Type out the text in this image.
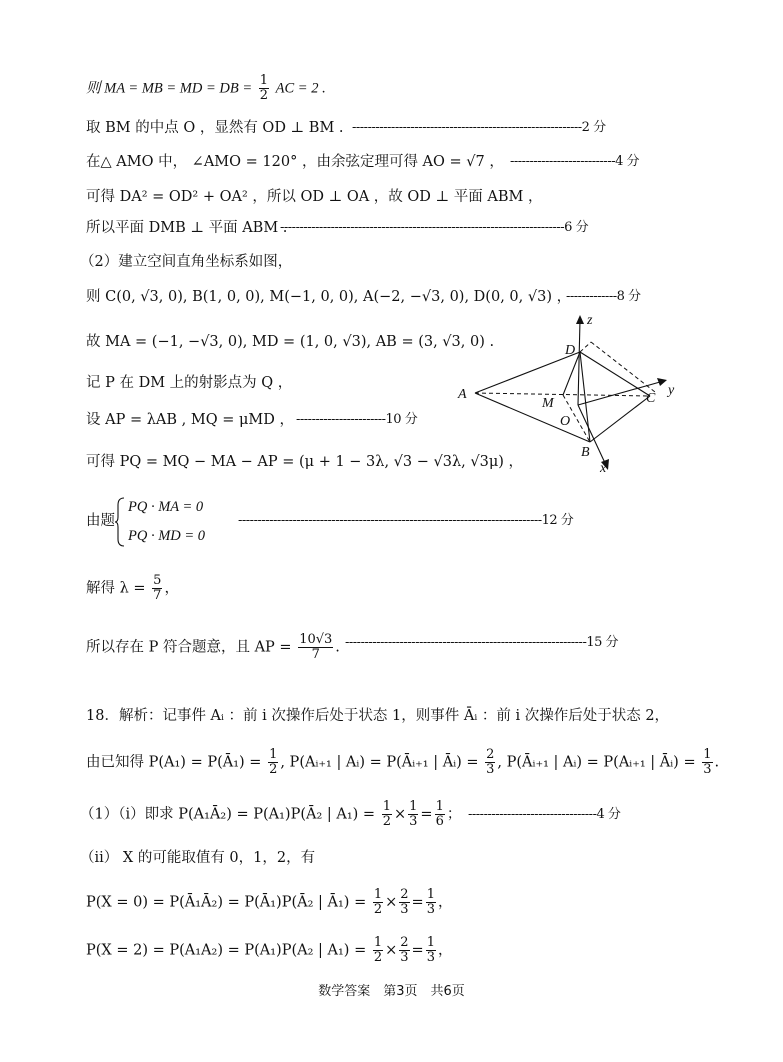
则 MA = MB = MD = DB = $\frac{1}{2}$ AC = 2 .
取 BM 的中点 O ，显然有 OD ⊥ BM . -----------------------------------------------------------2 分
在△ AMO 中， ∠AMO = 120° ，由余弦定理可得 AO = √7 ， ---------------------------4 分
可得 DA² = OD² + OA² ，所以 OD ⊥ OA ，故 OD ⊥ 平面 ABM ，
所以平面 DMB ⊥ 平面 ABM .
-------------------------------------------------------------------------6 分
（2）建立空间直角坐标系如图，
则 C(0, √3, 0), B(1, 0, 0), M(−1, 0, 0), A(−2, −√3, 0), D(0, 0, √3) ，
-------------8 分
故 MA = (−1, −√3, 0), MD = (1, 0, √3), AB = (3, √3, 0) .
记 P 在 DM 上的射影点为 Q ，
设 AP = λAB , MQ = μMD ， -----------------------10 分
可得 PQ = MQ − MA − AP = (μ + 1 − 3λ, √3 − √3λ, √3μ) ，
由题
PQ · MA = 0
PQ · MD = 0
------------------------------------------------------------------------------12 分
解得 $\lambda = \frac{5}{7}$ ，
所以存在 P 符合题意，且 AP = $\frac{10√3}{7}$ . --------------------------------------------------------------15 分
18．解析：记事件 Aᵢ ：前 i 次操作后处于状态 1，则事件 Āᵢ ：前 i 次操作后处于状态 2，
由已知得 P(A₁) = P(Ā₁) = $\frac{1}{2}$ , P(Aᵢ₊₁ | Aᵢ) = P(Āᵢ₊₁ | Āᵢ) = $\frac{2}{3}$ , P(Āᵢ₊₁ | Aᵢ) = P(Aᵢ₊₁ | Āᵢ) = $\frac{1}{3}$ .
（1）（i）即求 P(A₁Ā₂) = P(A₁)P(Ā₂ | $A_1) = \frac{1}{2} \times \frac{1}{3} = \frac{1}{6}$ ； ---------------------------------4 分
（ii） X 的可能取值有 0，1，2，有
P(X = 0) = P(Ā₁Ā₂) = P(Ā₁)P(Ā₂ | Ā₁) = $\frac{1}{2} \times \frac{2}{3} = \frac{1}{3}$ ，
P(X = 2) = P(A₁A₂) = P(A₁)P(A₂ | $A_1) = \frac{1}{2} \times \frac{2}{3} = \frac{1}{3}$ ，
z
D
A
M
O
C
y
B
x
数学答案　第3页　共6页
